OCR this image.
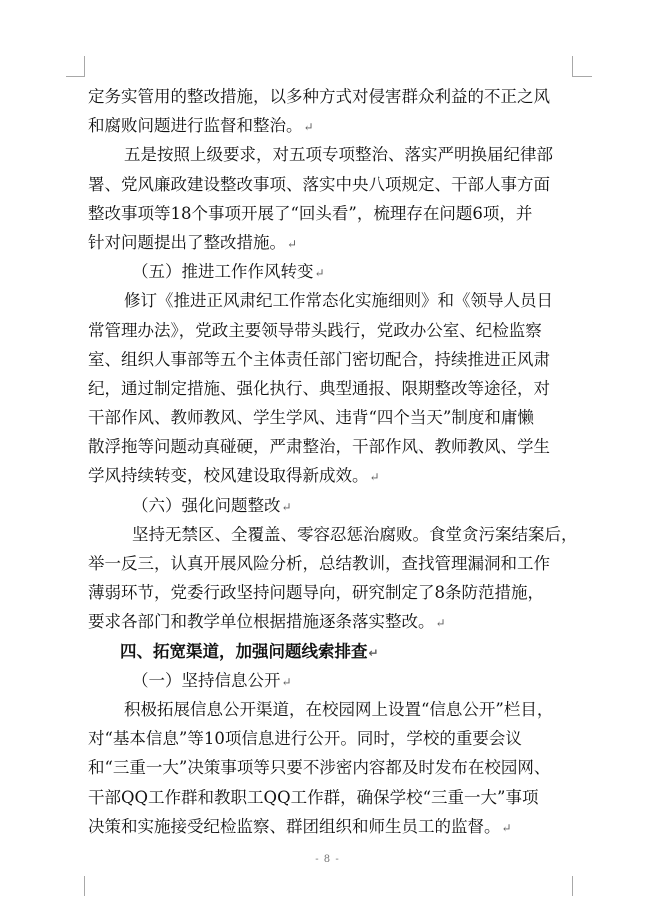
定务实管用的整改措施，以多种方式对侵害群众利益的不正之风
和腐败问题进行监督和整治。↵
五是按照上级要求，对五项专项整治、落实严明换届纪律部
署、党风廉政建设整改事项、落实中央八项规定、干部人事方面
整改事项等18个事项开展了“回头看”，梳理存在问题6项，并
针对问题提出了整改措施。↵
（五）推进工作作风转变↵
修订《推进正风肃纪工作常态化实施细则》和《领导人员日
常管理办法》，党政主要领导带头践行，党政办公室、纪检监察
室、组织人事部等五个主体责任部门密切配合，持续推进正风肃
纪，通过制定措施、强化执行、典型通报、限期整改等途径，对
干部作风、教师教风、学生学风、违背“四个当天”制度和庸懒
散浮拖等问题动真碰硬，严肃整治，干部作风、教师教风、学生
学风持续转变，校风建设取得新成效。↵
（六）强化问题整改↵
坚持无禁区、全覆盖、零容忍惩治腐败。食堂贪污案结案后，
举一反三，认真开展风险分析，总结教训，查找管理漏洞和工作
薄弱环节，党委行政坚持问题导向，研究制定了8条防范措施，
要求各部门和教学单位根据措施逐条落实整改。↵
四、拓宽渠道，加强问题线索排查↵
（一）坚持信息公开↵
积极拓展信息公开渠道，在校园网上设置“信息公开”栏目，
对“基本信息”等10项信息进行公开。同时，学校的重要会议
和“三重一大”决策事项等只要不涉密内容都及时发布在校园网、
干部QQ工作群和教职工QQ工作群，确保学校“三重一大”事项
决策和实施接受纪检监察、群团组织和师生员工的监督。↵
- 8 -
